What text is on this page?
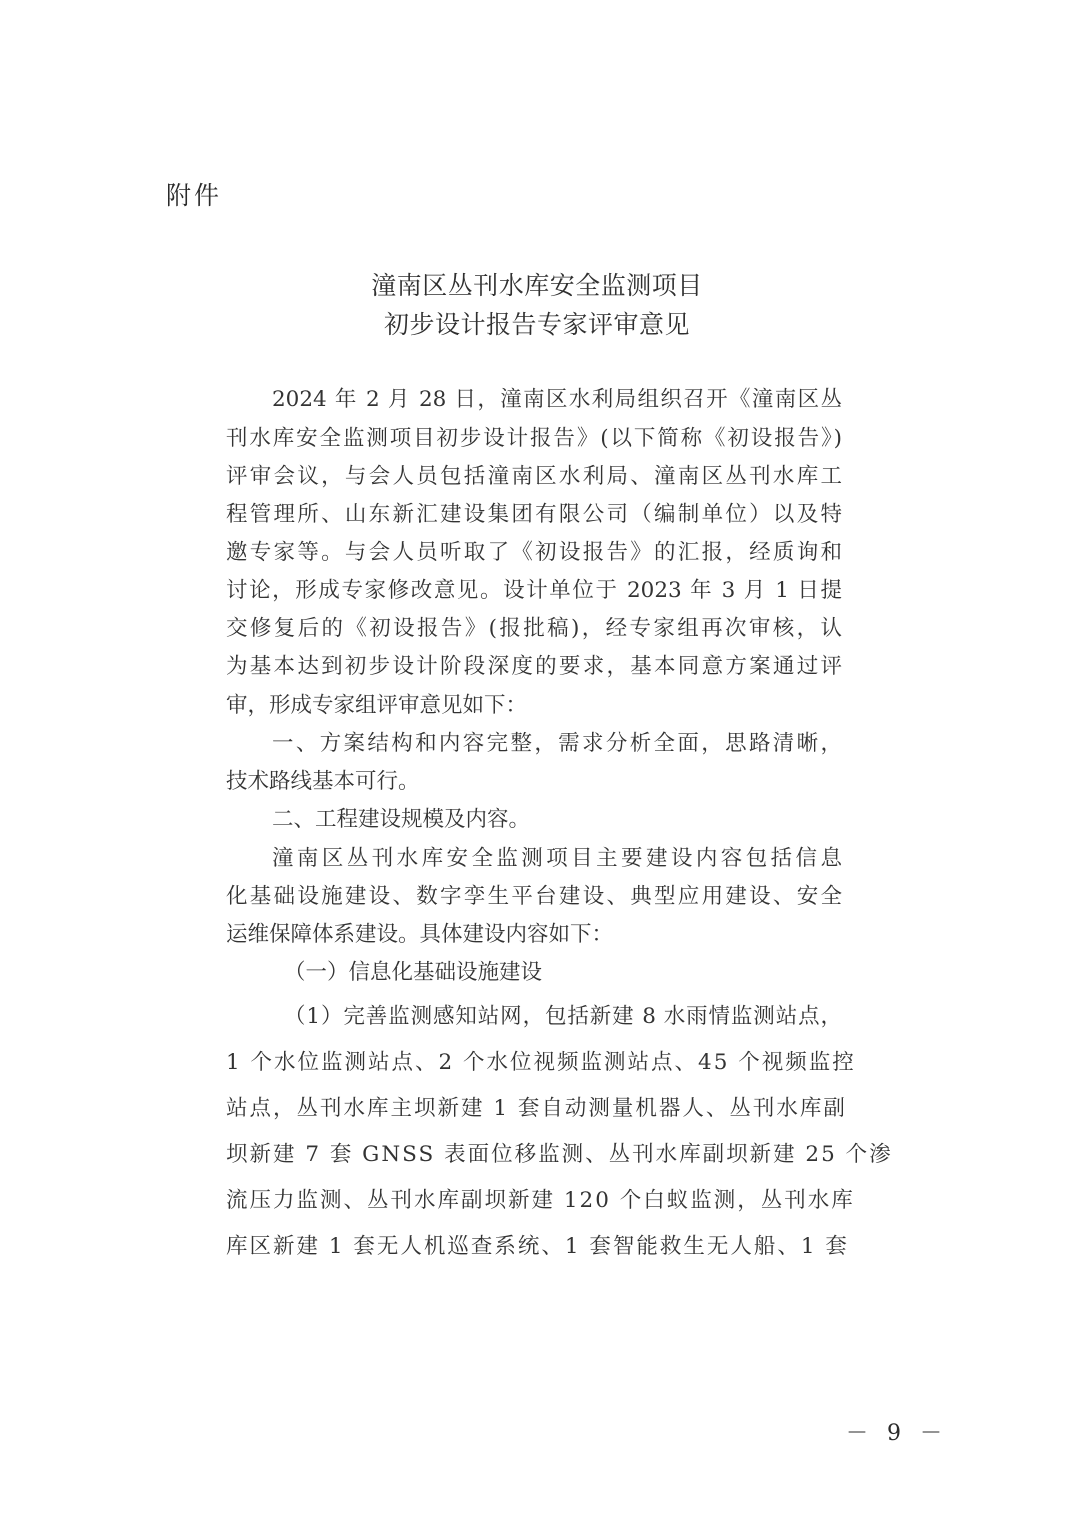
附件
潼南区丛刊水库安全监测项目
初步设计报告专家评审意见
2024 年 2 月 28 日，潼南区水利局组织召开《潼南区丛
刊水库安全监测项目初步设计报告》(以下简称《初设报告》)
评审会议，与会人员包括潼南区水利局、潼南区丛刊水库工
程管理所、山东新汇建设集团有限公司（编制单位）以及特
邀专家等。与会人员听取了《初设报告》的汇报，经质询和
讨论，形成专家修改意见。设计单位于 2023 年 3 月 1 日提
交修复后的《初设报告》(报批稿)，经专家组再次审核，认
为基本达到初步设计阶段深度的要求，基本同意方案通过评
审，形成专家组评审意见如下：
一、方案结构和内容完整，需求分析全面，思路清晰，
技术路线基本可行。
二、工程建设规模及内容。
潼南区丛刊水库安全监测项目主要建设内容包括信息
化基础设施建设、数字孪生平台建设、典型应用建设、安全
运维保障体系建设。具体建设内容如下：
（一）信息化基础设施建设
（1）完善监测感知站网，包括新建 8 水雨情监测站点，
1 个水位监测站点、2 个水位视频监测站点、45 个视频监控
站点，丛刊水库主坝新建 1 套自动测量机器人、丛刊水库副
坝新建 7 套 GNSS 表面位移监测、丛刊水库副坝新建 25 个渗
流压力监测、丛刊水库副坝新建 120 个白蚁监测，丛刊水库
库区新建 1 套无人机巡查系统、1 套智能救生无人船、1 套
－ 9 －
